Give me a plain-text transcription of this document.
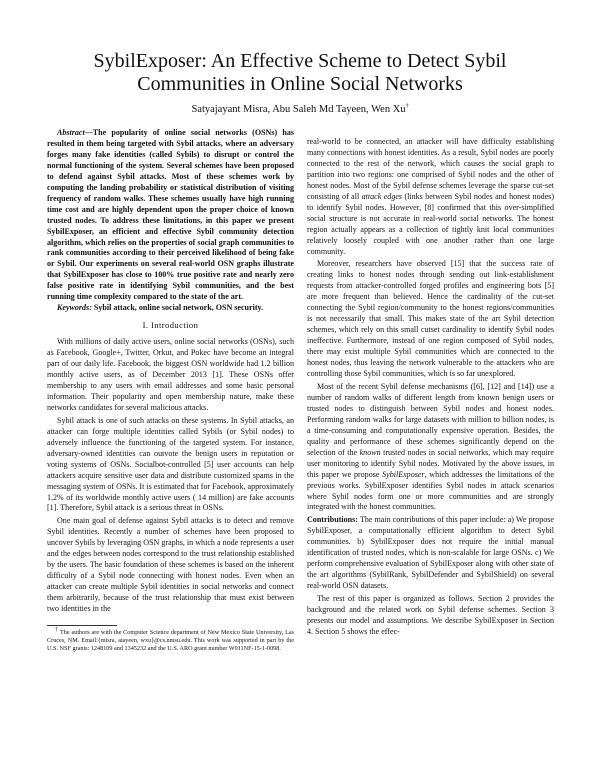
SybilExposer: An Effective Scheme to Detect Sybil Communities in Online Social Networks
Satyajayant Misra, Abu Saleh Md Tayeen, Wen Xu†

Abstract—The popularity of online social networks (OSNs) has resulted in them being targeted with Sybil attacks, where an adversary forges many fake identities (called Sybils) to disrupt or control the normal functioning of the system. Several schemes have been proposed to defend against Sybil attacks. Most of these schemes work by computing the landing probability or statistical distribution of visiting frequency of random walks. These schemes usually have high running time cost and are highly dependent upon the proper choice of known trusted nodes. To address these limitations, in this paper we present SybilExposer, an efficient and effective Sybil community detection algorithm, which relies on the properties of social graph communities to rank communities according to their perceived likelihood of being fake or Sybil. Our experiments on several real-world OSN graphs illustrate that SybilExposer has close to 100% true positive rate and nearly zero false positive rate in identifying Sybil communities, and the best running time complexity compared to the state of the art.

Keywords: Sybil attack, online social network, OSN security.

I. Introduction

With millions of daily active users, online social networks (OSNs), such as Facebook, Google+, Twitter, Orkut, and Pokec have become an integral part of our daily life. Facebook, the biggest OSN worldwide had 1.2 billion monthly active users, as of December 2013 [1]. These OSNs offer membership to any users with email addresses and some basic personal information. Their popularity and open membership nature, make these networks candidates for several malicious attacks.

Sybil attack is one of such attacks on these systems. In Sybil attacks, an attacker can forge multiple identities called Sybils (or Sybil nodes) to adversely influence the functioning of the targeted system. For instance, adversary-owned identities can outvote the benign users in reputation or voting systems of OSNs. Socialbot-controlled [5] user accounts can help attackers acquire sensitive user data and distribute customized spams in the messaging system of OSNs. It is estimated that for Facebook, approximately 1.2% of its worldwide monthly active users ( 14 million) are fake accounts [1]. Therefore, Sybil attack is a serious threat in OSNs.

One main goal of defense against Sybil attacks is to detect and remove Sybil identities. Recently a number of schemes have been proposed to uncover Sybils by leveraging OSN graphs, in which a node represents a user and the edges between nodes correspond to the trust relationship established by the users. The basic foundation of these schemes is based on the inherent difficulty of a Sybil node connecting with honest nodes. Even when an attacker can create multiple Sybil identities in social networks and connect them arbitrarily, because of the trust relationship that must exist between two identities in the

† The authors are with the Computer Science department of New Mexico State University, Las Cruces, NM. Email:{misra, atayeen, wxu}@cs.nmsu.edu. This work was supported in part by the U.S. NSF grants: 1248109 and 1345232 and the U.S. ARO grant number W911NF-15-1-0098.

real-world to be connected, an attacker will have difficulty establishing many connections with honest identities. As a result, Sybil nodes are poorly connected to the rest of the network, which causes the social graph to partition into two regions: one comprised of Sybil nodes and the other of honest nodes. Most of the Sybil defense schemes leverage the sparse cut-set consisting of all attack edges (links between Sybil nodes and honest nodes) to identify Sybil nodes. However, [8] confirmed that this over-simplified social structure is not accurate in real-world social networks. The honest region actually appears as a collection of tightly knit local communities relatively loosely coupled with one another rather than one large community.

Moreover, researchers have observed [15] that the success rate of creating links to honest nodes through sending out link-establishment requests from attacker-controlled forged profiles and engineering bots [5] are more frequent than believed. Hence the cardinality of the cut-set connecting the Sybil region/community to the honest regions/communities is not necessarily that small. This makes state of the art Sybil detection schemes, which rely on this small cutset cardinality to identify Sybil nodes ineffective. Furthermore, instead of one region composed of Sybil nodes, there may exist multiple Sybil communities which are connected to the honest nodes, thus leaving the network vulnerable to the attackers who are controlling those Sybil communities, which is so far unexplored.

Most of the recent Sybil defense mechanisms ([6], [12] and [14]) use a number of random walks of different length from known benign users or trusted nodes to distinguish between Sybil nodes and honest nodes. Performing random walks for large datasets with million to billion nodes, is a time-consuming and computationally expensive operation. Besides, the quality and performance of these schemes significantly depend on the selection of the known trusted nodes in social networks, which may require user monitoring to identify Sybil nodes. Motivated by the above issues, in this paper we propose SybilExposer, which addresses the limitations of the previous works. SybilExposer identifies Sybil nodes in attack scenarios where Sybil nodes form one or more communities and are strongly integrated with the honest communities.

Contributions: The main contributions of this paper include: a) We propose SybilExposer, a computationally efficient algorithm to detect Sybil communities. b) SybilExposer does not require the initial manual identification of trusted nodes, which is non-scalable for large OSNs. c) We perform comprehensive evaluation of SybilExposer along with other state of the art algorithms (SybilRank, SybilDefender and SybilShield) on several real-world OSN datasets.

The rest of this paper is organized as follows. Section 2 provides the background and the related work on Sybil defense schemes. Section 3 presents our model and assumptions. We describe SybilExposer in Section 4. Section 5 shows the effec-
